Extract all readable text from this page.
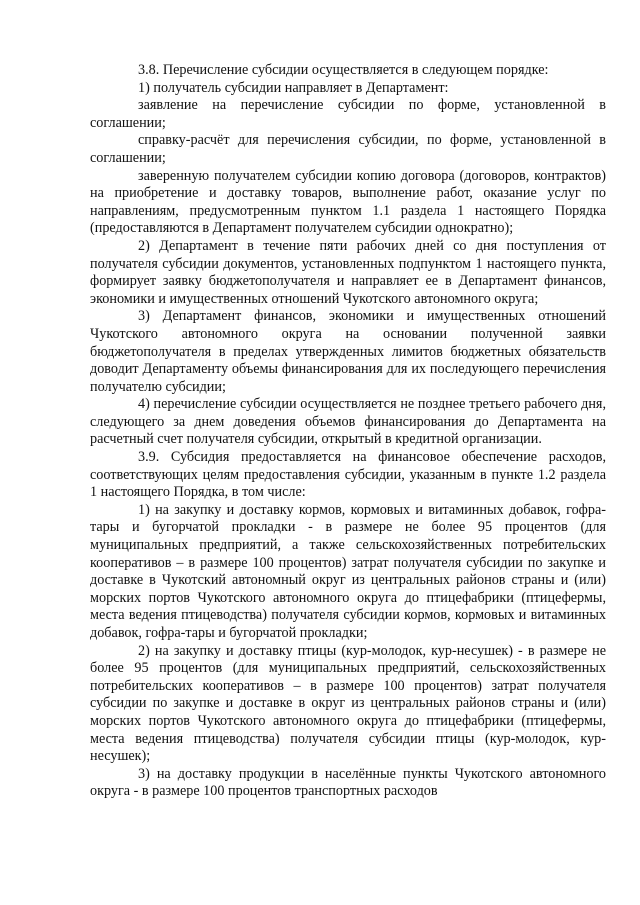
3.8. Перечисление субсидии осуществляется в следующем порядке:

1) получатель субсидии направляет в Департамент:

заявление на перечисление субсидии по форме, установленной в соглашении;

справку-расчёт для перечисления субсидии, по форме, установленной в соглашении;

заверенную получателем субсидии копию договора (договоров, контрактов) на приобретение и доставку товаров, выполнение работ, оказание услуг по направлениям, предусмотренным пунктом 1.1 раздела 1 настоящего Порядка (предоставляются в Департамент получателем субсидии однократно);

2) Департамент в течение пяти рабочих дней со дня поступления от получателя субсидии документов, установленных подпунктом 1 настоящего пункта, формирует заявку бюджетополучателя и направляет ее в Департамент финансов, экономики и имущественных отношений Чукотского автономного округа;

3) Департамент финансов, экономики и имущественных отношений Чукотского автономного округа на основании полученной заявки бюджетополучателя в пределах утвержденных лимитов бюджетных обязательств доводит Департаменту объемы финансирования для их последующего перечисления получателю субсидии;

4) перечисление субсидии осуществляется не позднее третьего рабочего дня, следующего за днем доведения объемов финансирования до Департамента на расчетный счет получателя субсидии, открытый в кредитной организации.

3.9. Субсидия предоставляется на финансовое обеспечение расходов, соответствующих целям предоставления субсидии, указанным в пункте 1.2 раздела 1 настоящего Порядка, в том числе:

1) на закупку и доставку кормов, кормовых и витаминных добавок, гофра-тары и бугорчатой прокладки - в размере не более 95 процентов (для муниципальных предприятий, а также сельскохозяйственных потребительских кооперативов – в размере 100 процентов) затрат получателя субсидии по закупке и доставке в Чукотский автономный округ из центральных районов страны и (или) морских портов Чукотского автономного округа до птицефабрики (птицефермы, места ведения птицеводства) получателя субсидии кормов, кормовых и витаминных добавок, гофра-тары и бугорчатой прокладки;

2) на закупку и доставку птицы (кур-молодок, кур-несушек) - в размере не более 95 процентов (для муниципальных предприятий, сельскохозяйственных потребительских кооперативов – в размере 100 процентов) затрат получателя субсидии по закупке и доставке в округ из центральных районов страны и (или) морских портов Чукотского автономного округа до птицефабрики (птицефермы, места ведения птицеводства) получателя субсидии птицы (кур-молодок, кур-несушек);

3) на доставку продукции в населённые пункты Чукотского автономного округа - в размере 100 процентов транспортных расходов
